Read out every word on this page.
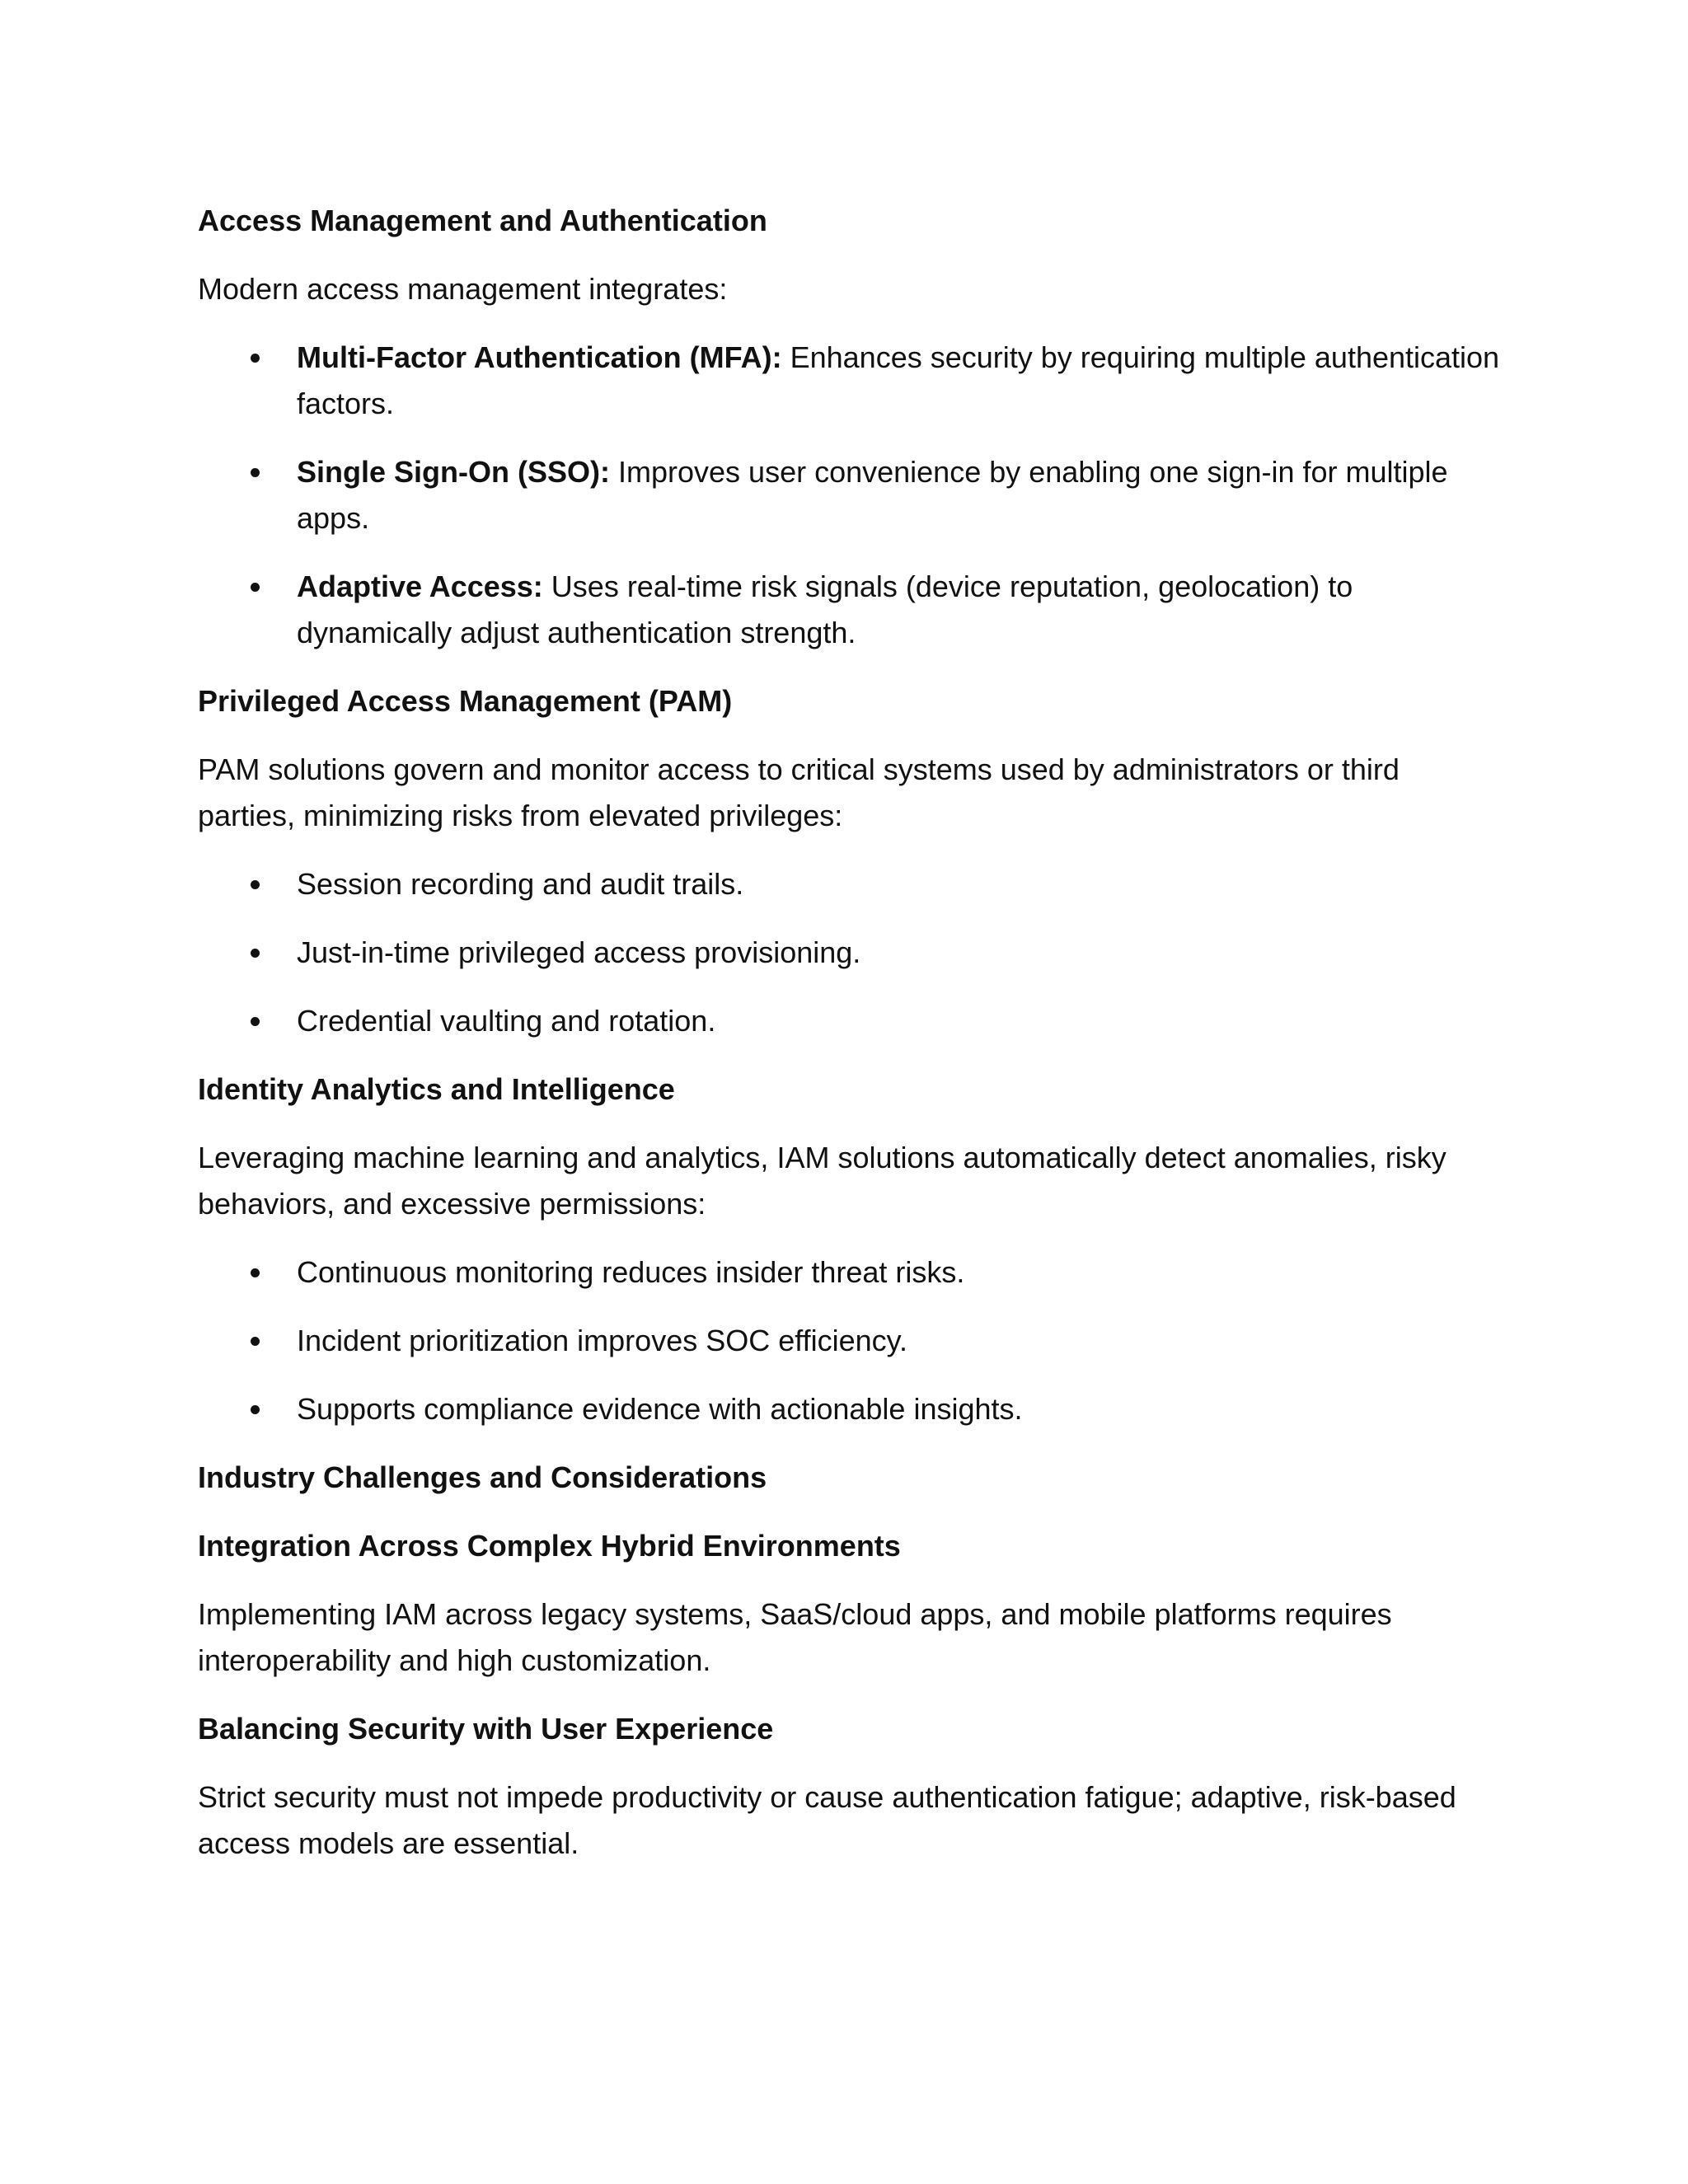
Access Management and Authentication
Modern access management integrates:
Multi-Factor Authentication (MFA): Enhances security by requiring multiple authentication factors.
Single Sign-On (SSO): Improves user convenience by enabling one sign-in for multiple apps.
Adaptive Access: Uses real-time risk signals (device reputation, geolocation) to dynamically adjust authentication strength.
Privileged Access Management (PAM)
PAM solutions govern and monitor access to critical systems used by administrators or third parties, minimizing risks from elevated privileges:
Session recording and audit trails.
Just-in-time privileged access provisioning.
Credential vaulting and rotation.
Identity Analytics and Intelligence
Leveraging machine learning and analytics, IAM solutions automatically detect anomalies, risky behaviors, and excessive permissions:
Continuous monitoring reduces insider threat risks.
Incident prioritization improves SOC efficiency.
Supports compliance evidence with actionable insights.
Industry Challenges and Considerations
Integration Across Complex Hybrid Environments
Implementing IAM across legacy systems, SaaS/cloud apps, and mobile platforms requires interoperability and high customization.
Balancing Security with User Experience
Strict security must not impede productivity or cause authentication fatigue; adaptive, risk-based access models are essential.
